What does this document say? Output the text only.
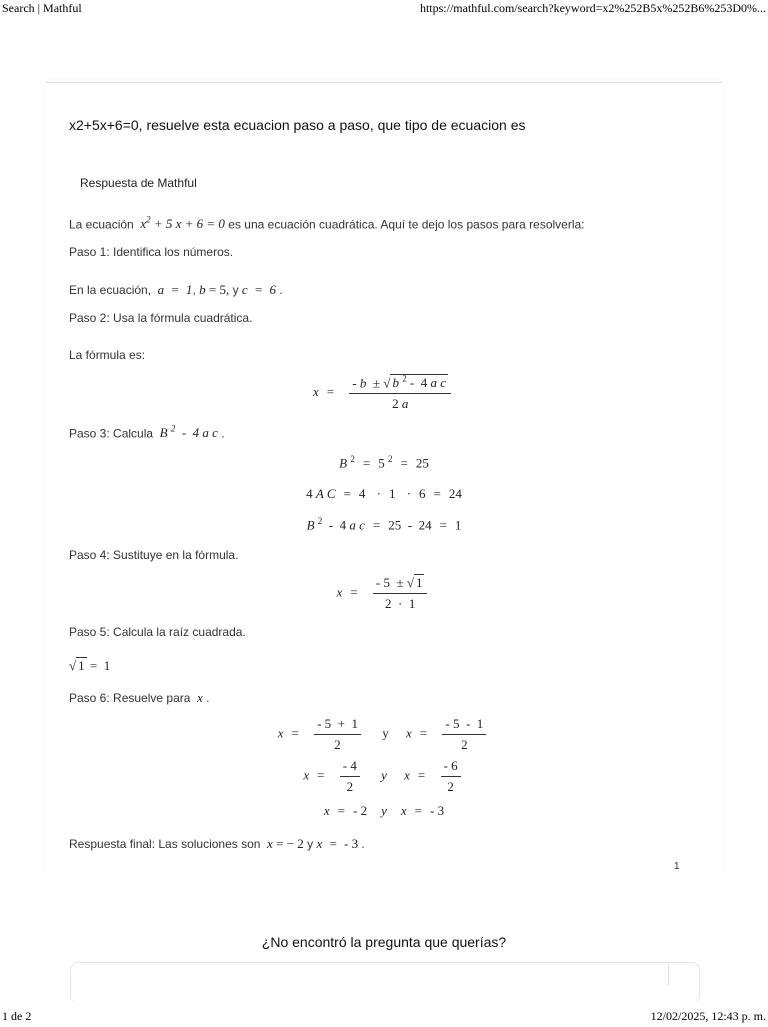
Search | Mathful	https://mathful.com/search?keyword=x2%252B5x%252B6%253D0%...
x2+5x+6=0, resuelve esta ecuacion paso a paso, que tipo de ecuacion es
Respuesta de Mathful
La ecuación  $x^2 + 5$ x + 6 = 0 es una ecuación cuadrática. Aquí te dejo los pasos para resolverla:
Paso 1: Identifica los números.
En la ecuación,  a  =  1, b = 5, y c  =  6 .
Paso 2: Usa la fórmula cuadrática.
La fórmula es:
$x = \frac{- b \pm √ b ^2 - 4 a c}{2 a}$
Paso 3: Calcula  B $^2$  -  4 a c .
B $^2$ = 5 $^2$ = 25
4 A C = 4 · 1 · 6 = 24
B $^2$  -  4 a c = 25  -  24 = 1
Paso 4: Sustituye en la fórmula.
$x = \frac{- 5 \pm √ 1}{2 \cdot 1}$
Paso 5: Calcula la raíz cuadrada.
√ 1 =  1
Paso 6: Resuelve para  x .
$x = \frac{- 5 + 1}{2}$ y $x = \frac{- 5 - 1}{2}$
$x = \frac{- 4}{2}$ y $x = \frac{- 6}{2}$
x = - 2 y x = - 3
Respuesta final: Las soluciones son  x = − 2 y x  =  - 3 .
1
¿No encontró la pregunta que querías?
1 de 2	12/02/2025, 12:43 p. m.
